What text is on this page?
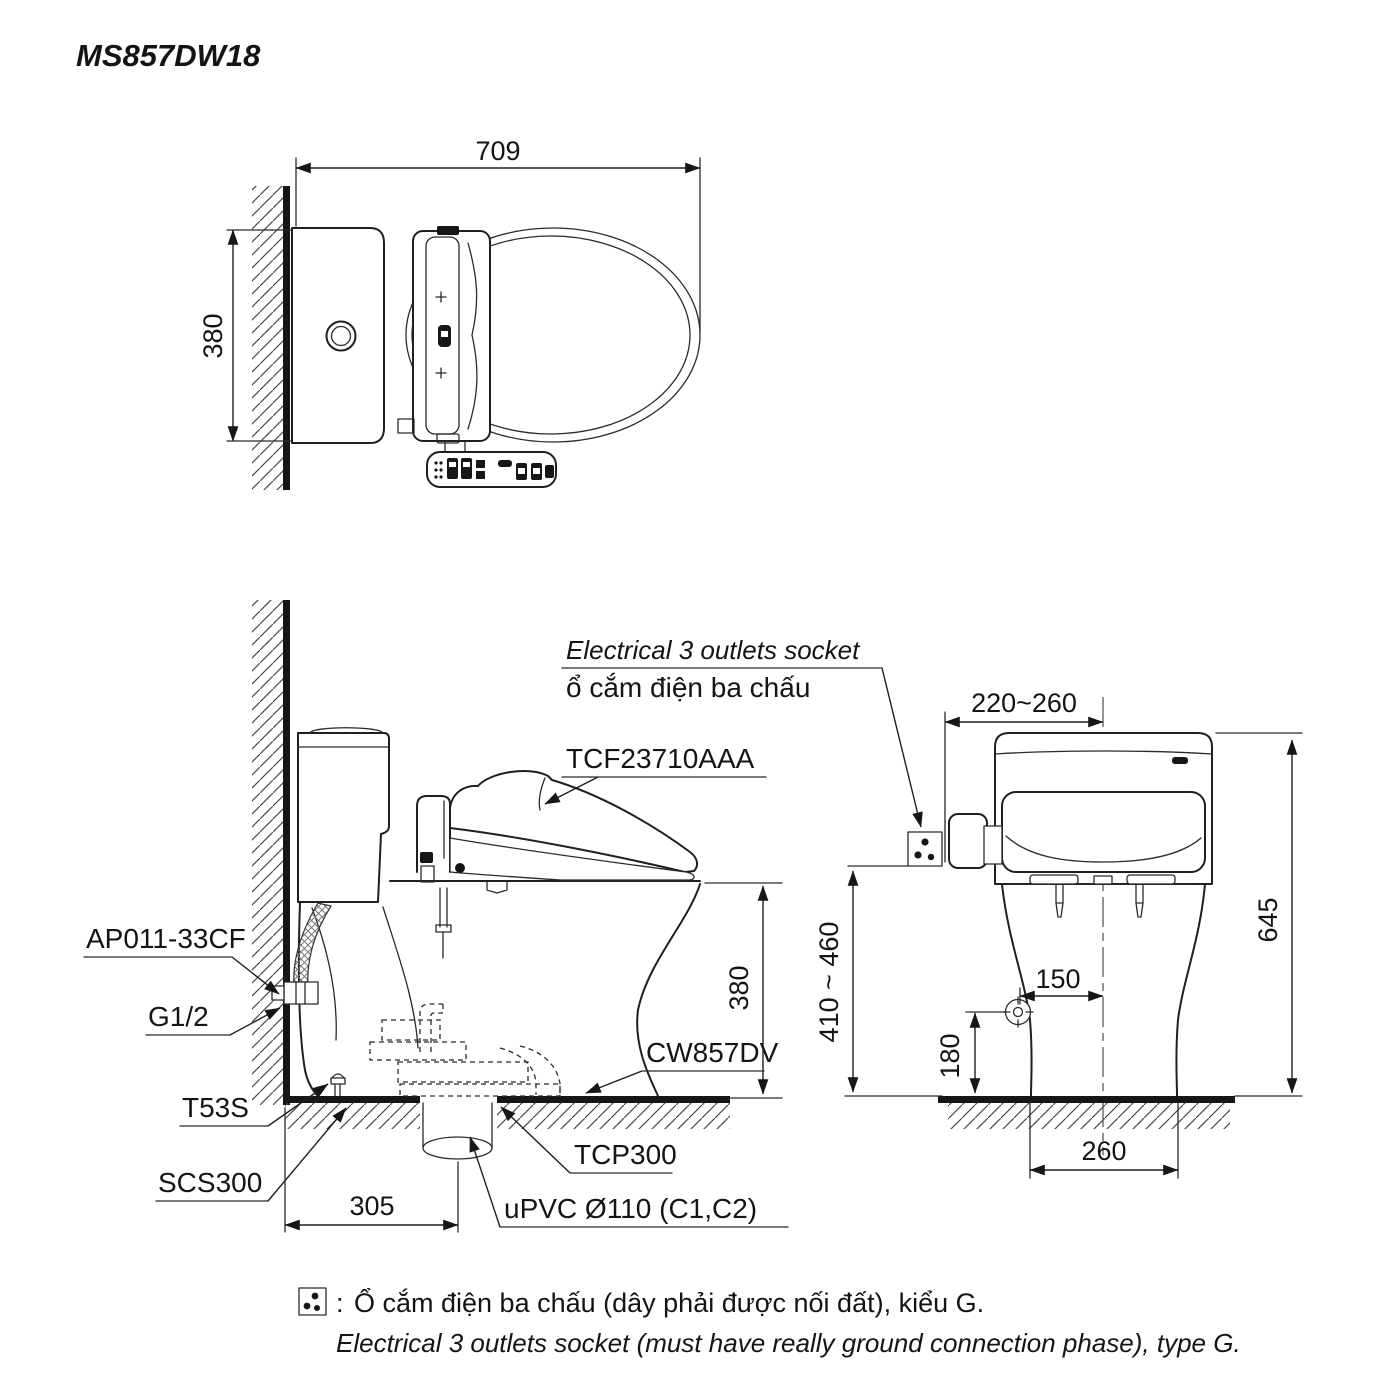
MS857DW18
709
380
Electrical 3 outlets socket
ổ cắm điện ba chấu
TCF23710AAA
AP011-33CF
G1/2
T53S
SCS300
TCP300
uPVC Ø110 (C1,C2)
CW857DV
305
380 410 ~ 460
220~260
645
150
180
260
: Ổ cắm điện ba chấu (dây phải được nối đất), kiểu G.
Electrical 3 outlets socket (must have really ground connection phase), type G.
